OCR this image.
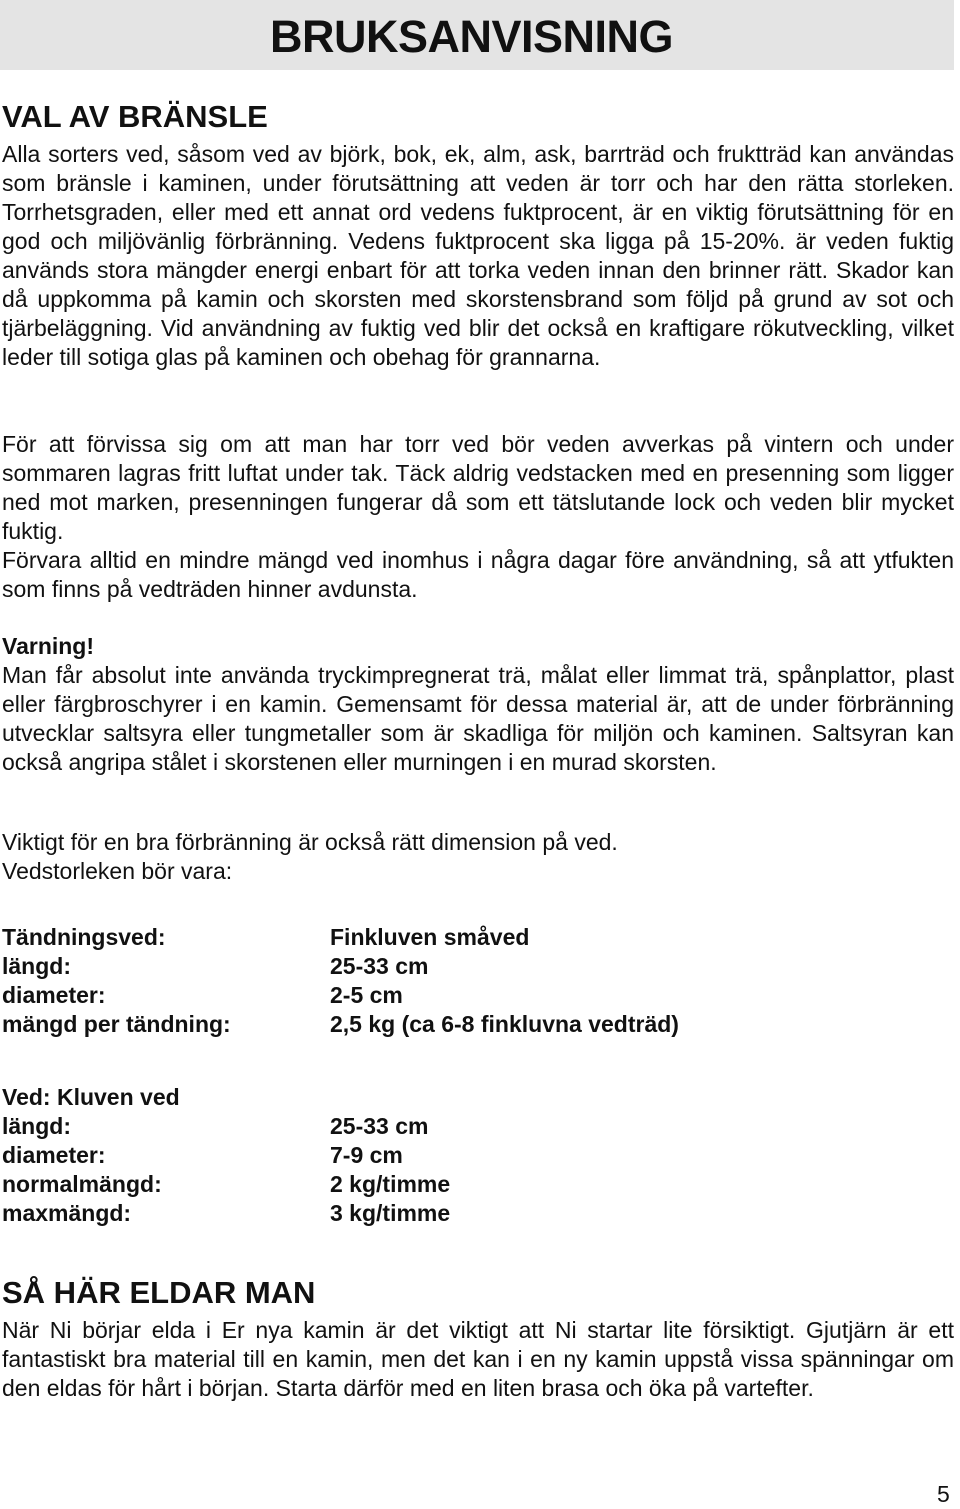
BRUKSANVISNING
VAL AV BRÄNSLE

Alla sorters ved, såsom ved av björk, bok, ek, alm, ask, barrträd och fruktträd kan användas som bränsle i kaminen, under förutsättning att veden är torr och har den rätta storleken. Torrhetsgraden, eller med ett annat ord vedens fuktprocent, är en viktig förutsättning för en god och miljövänlig förbränning. Vedens fuktprocent ska ligga på 15-20%. är veden fuktig används stora mängder energi enbart för att torka veden innan den brinner rätt. Skador kan då uppkomma på kamin och skorsten med skorstensbrand som följd på grund av sot och tjärbeläggning. Vid användning av fuktig ved blir det också en kraftigare rökutveckling, vilket leder till sotiga glas på kaminen och obehag för grannarna.

För att förvissa sig om att man har torr ved bör veden avverkas på vintern och under sommaren lagras fritt luftat under tak. Täck aldrig vedstacken med en presenning som ligger ned mot marken, presenningen fungerar då som ett tätslutande lock och veden blir mycket fuktig.

Förvara alltid en mindre mängd ved inomhus i några dagar före användning, så att ytfukten som finns på vedträden hinner avdunsta.

Varning!

Man får absolut inte använda tryckimpregnerat trä, målat eller limmat trä, spånplattor, plast eller färgbroschyrer i en kamin. Gemensamt för dessa material är, att de under förbränning utvecklar saltsyra eller tungmetaller som är skadliga för miljön och kaminen. Saltsyran kan också angripa stålet i skorstenen eller murningen i en murad skorsten.

Viktigt för en bra förbränning är också rätt dimension på ved.

Vedstorleken bör vara:

Tändningsved:	Finkluven småved
längd:	25-33 cm
diameter:	2-5 cm
mängd per tändning:	2,5 kg (ca 6-8 finkluvna vedträd)
Ved: Kluven ved
längd:	25-33 cm
diameter:	7-9 cm
normalmängd:	2 kg/timme
maxmängd:	3 kg/timme
SÅ HÄR ELDAR MAN

När Ni börjar elda i Er nya kamin är det viktigt att Ni startar lite försiktigt. Gjutjärn är ett fantastiskt bra material till en kamin, men det kan i en ny kamin uppstå vissa spänningar om den eldas för hårt i början. Starta därför med en liten brasa och öka på vartefter.

5
